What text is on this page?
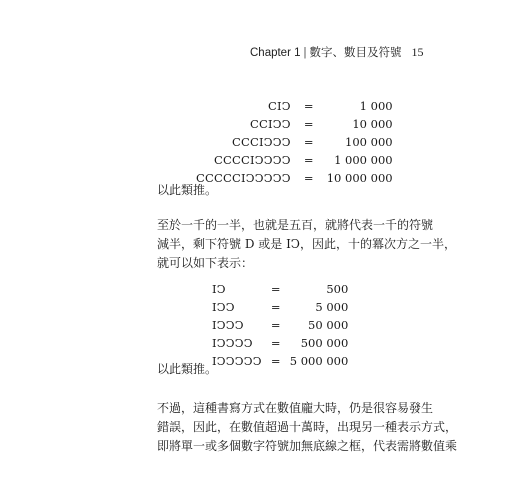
Chapter 1 | 數字、數目及符號 15
CIↃ	=	1 000
CCIↃↃ	=	10 000
CCCIↃↃↃ	=	100 000
CCCCIↃↃↃↃ	=	1 000 000
CCCCCIↃↃↃↃↃ	=	10 000 000

以此類推。

至於一千的一半，也就是五百，就將代表一千的符號
減半，剩下符號 D 或是 IↃ，因此，十的冪次方之一半，
就可以如下表示：

IↃ	=	500
IↃↃ	=	5 000
IↃↃↃ	=	50 000
IↃↃↃↃ	=	500 000
IↃↃↃↃↃ	=	5 000 000

以此類推。

不過，這種書寫方式在數值龐大時，仍是很容易發生
錯誤，因此，在數值超過十萬時，出現另一種表示方式，
即將單一或多個數字符號加無底線之框，代表需將數值乘
